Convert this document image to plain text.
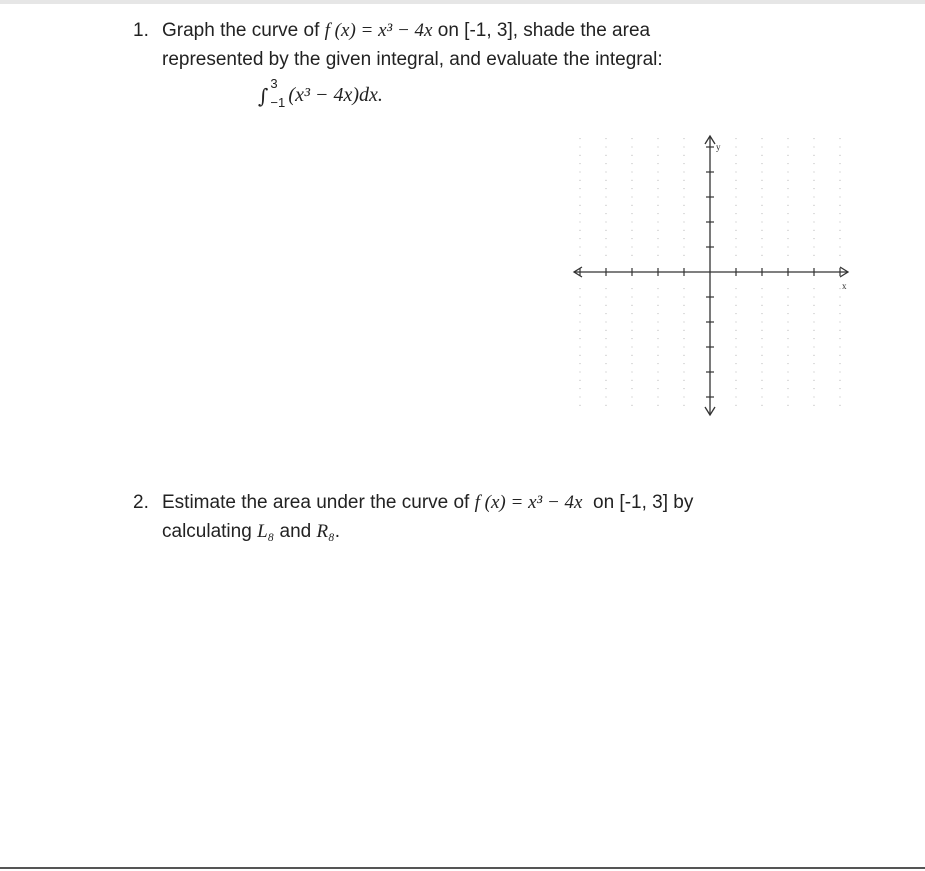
1. Graph the curve of f (x) = x³ − 4x on [-1, 3], shade the area
represented by the given integral, and evaluate the integral:
∫
3
−1 (x³ − 4x)dx.
x
y
2. Estimate the area under the curve of f (x) = x³ − 4x  on [-1, 3] by
calculating L₈ and R₈.
